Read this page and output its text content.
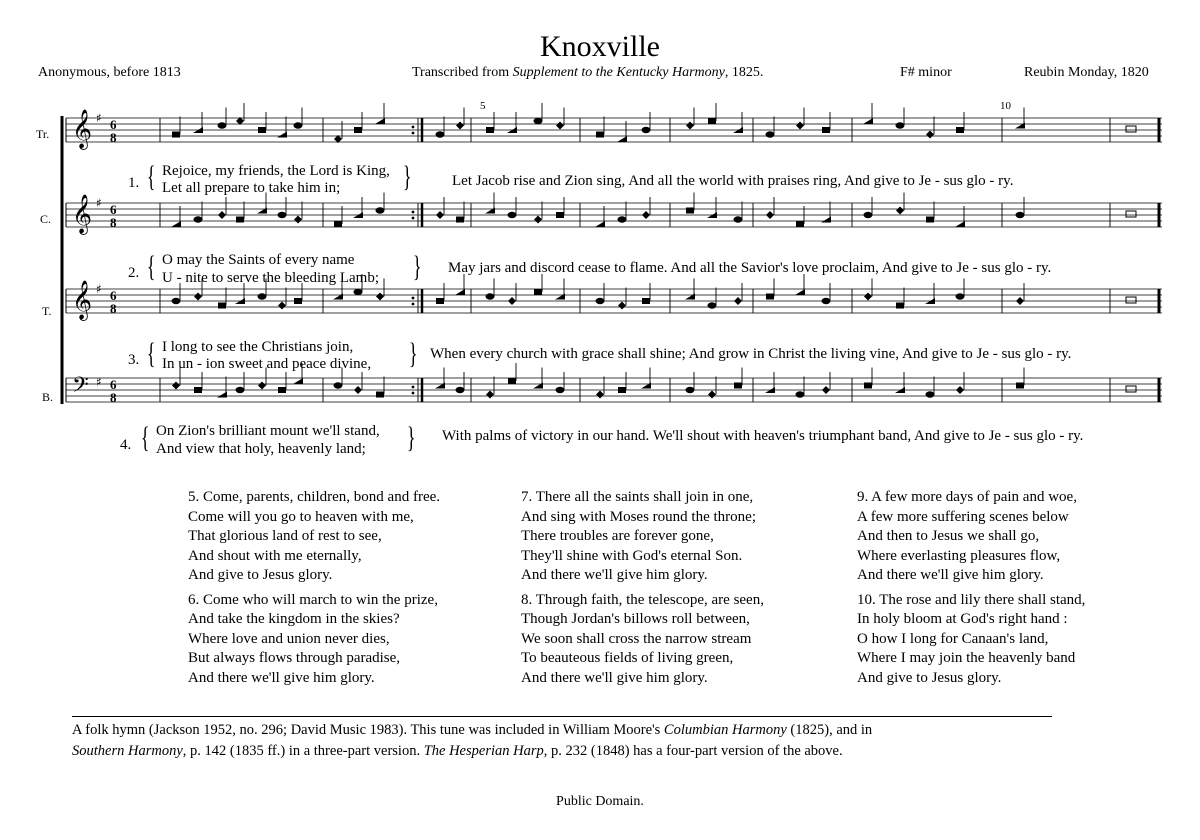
Knoxville
Anonymous, before 1813	Transcribed from Supplement to the Kentucky Harmony, 1825.	F# minor	Reubin Monday, 1820
𝄞 ♯ 6
8
𝄞 ♯ 6
8
𝄞 ♯ 6
8
𝄢 ♯ 6
8
Tr.
C.
T.
B.
5	10
1. { Rejoice, my friends, the Lord is King,
Let all prepare to take him in; }	Let Jacob rise and Zion sing, And all the world with praises ring, And give to Je - sus glo - ry.
2. { O may the Saints of every name
U - nite to serve the bleeding Lamb; } May jars and discord cease to flame. And all the Savior's love proclaim, And give to Je - sus glo - ry.
3. { I long to see the Christians join,
In un - ion sweet and peace divine, } When every church with grace shall shine; And grow in Christ the living vine, And give to Je - sus glo - ry.
4. { On Zion's brilliant mount we'll stand,
And view that holy, heavenly land; } With palms of victory in our hand. We'll shout with heaven's triumphant band, And give to Je - sus glo - ry.
5. Come, parents, children, bond and free.
Come will you go to heaven with me,
That glorious land of rest to see,
And shout with me eternally,
And give to Jesus glory.
6. Come who will march to win the prize,
And take the kingdom in the skies?
Where love and union never dies,
But always flows through paradise,
And there we'll give him glory.
7. There all the saints shall join in one,
And sing with Moses round the throne;
There troubles are forever gone,
They'll shine with God's eternal Son.
And there we'll give him glory.
8. Through faith, the telescope, are seen,
Though Jordan's billows roll between,
We soon shall cross the narrow stream
To beauteous fields of living green,
And there we'll give him glory.
9. A few more days of pain and woe,
A few more suffering scenes below
And then to Jesus we shall go,
Where everlasting pleasures flow,
And there we'll give him glory.
10. The rose and lily there shall stand,
In holy bloom at God's right hand :
O how I long for Canaan's land,
Where I may join the heavenly band
And give to Jesus glory.
A folk hymn (Jackson 1952, no. 296; David Music 1983). This tune was included in William Moore's Columbian Harmony (1825), and in
Southern Harmony, p. 142 (1835 ff.) in a three-part version. The Hesperian Harp, p. 232 (1848) has a four-part version of the above.
Public Domain.
